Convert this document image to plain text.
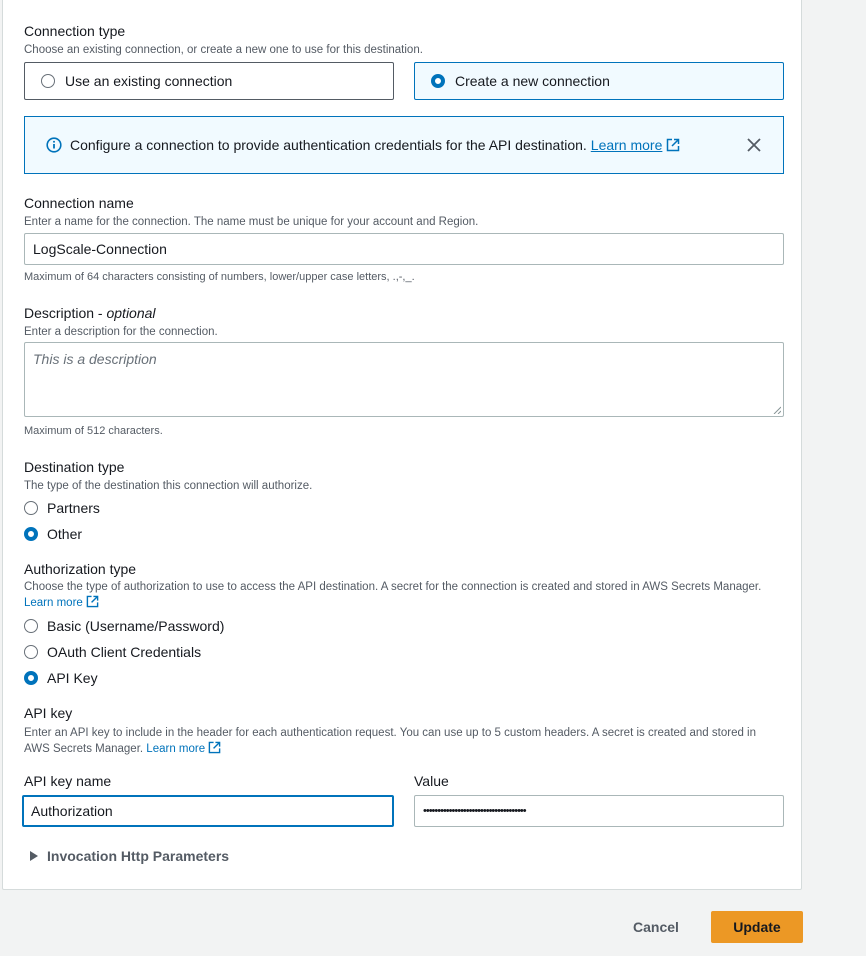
Connection type
Choose an existing connection, or create a new one to use for this destination.
Use an existing connection	Create a new connection
Configure a connection to provide authentication credentials for the API destination. Learn more
Connection name
Enter a name for the connection. The name must be unique for your account and Region.
LogScale-Connection
Maximum of 64 characters consisting of numbers, lower/upper case letters, .,-,_.
Description - optional
Enter a description for the connection.
This is a description
Maximum of 512 characters.
Destination type
The type of the destination this connection will authorize.
Partners
Other
Authorization type
Choose the type of authorization to use to access the API destination. A secret for the connection is created and stored in AWS Secrets Manager. Learn more
Basic (Username/Password)
OAuth Client Credentials
API Key
API key
Enter an API key to include in the header for each authentication request. You can use up to 5 custom headers. A secret is created and stored in AWS Secrets Manager. Learn more
API key name
Authorization
Value
••••••••••••••••••••••••••••••••••••
Invocation Http Parameters
Cancel	Update
